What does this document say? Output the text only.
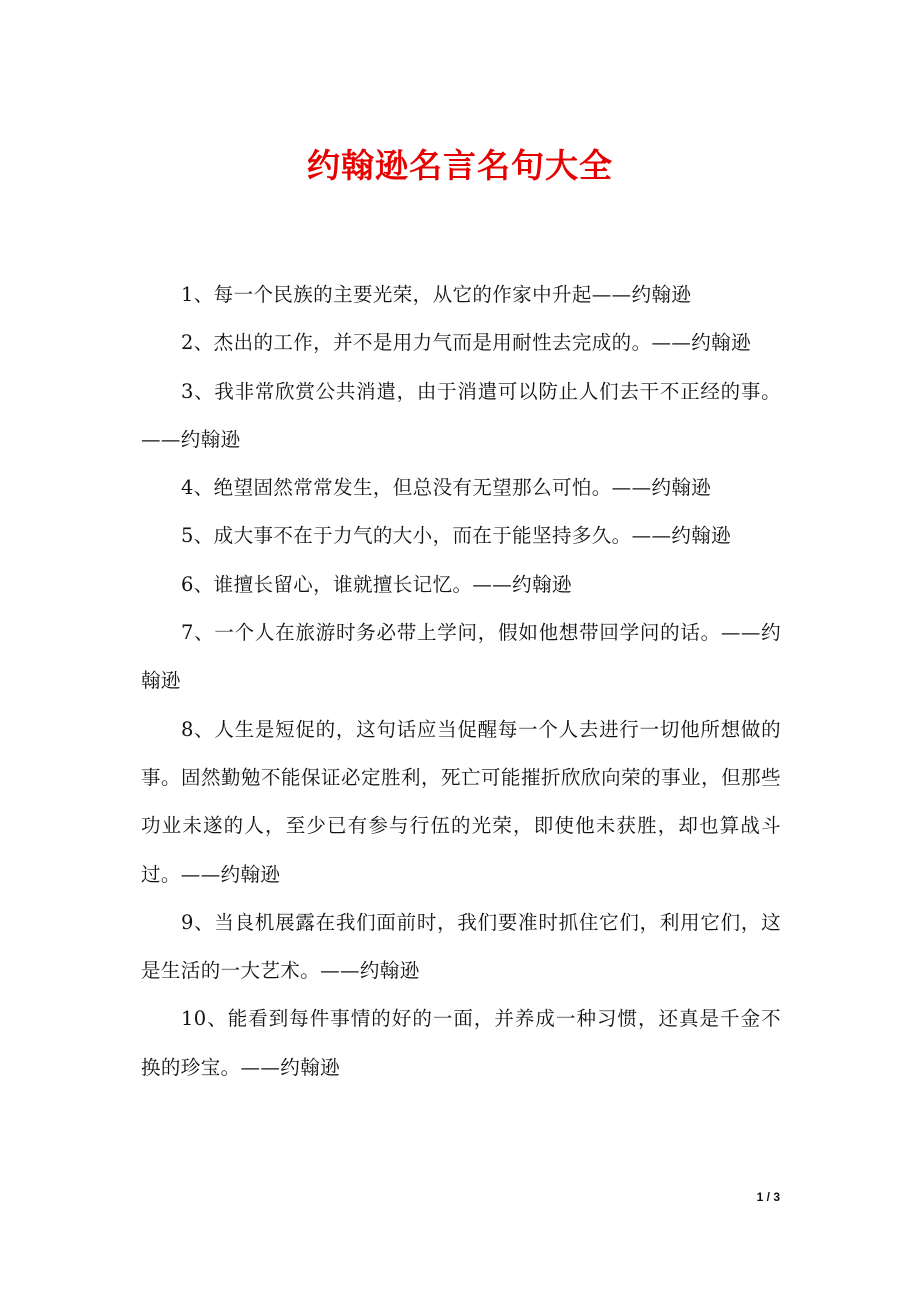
约翰逊名言名句大全

1、每一个民族的主要光荣，从它的作家中升起——约翰逊

2、杰出的工作，并不是用力气而是用耐性去完成的。——约翰逊

3、我非常欣赏公共消遣，由于消遣可以防止人们去干不正经的事。——约翰逊

4、绝望固然常常发生，但总没有无望那么可怕。——约翰逊

5、成大事不在于力气的大小，而在于能坚持多久。——约翰逊

6、谁擅长留心，谁就擅长记忆。——约翰逊

7、一个人在旅游时务必带上学问，假如他想带回学问的话。——约翰逊

8、人生是短促的，这句话应当促醒每一个人去进行一切他所想做的事。固然勤勉不能保证必定胜利，死亡可能摧折欣欣向荣的事业，但那些功业未遂的人，至少已有参与行伍的光荣，即使他未获胜，却也算战斗过。——约翰逊

9、当良机展露在我们面前时，我们要准时抓住它们，利用它们，这是生活的一大艺术。——约翰逊

10、能看到每件事情的好的一面，并养成一种习惯，还真是千金不换的珍宝。——约翰逊

1 / 3
